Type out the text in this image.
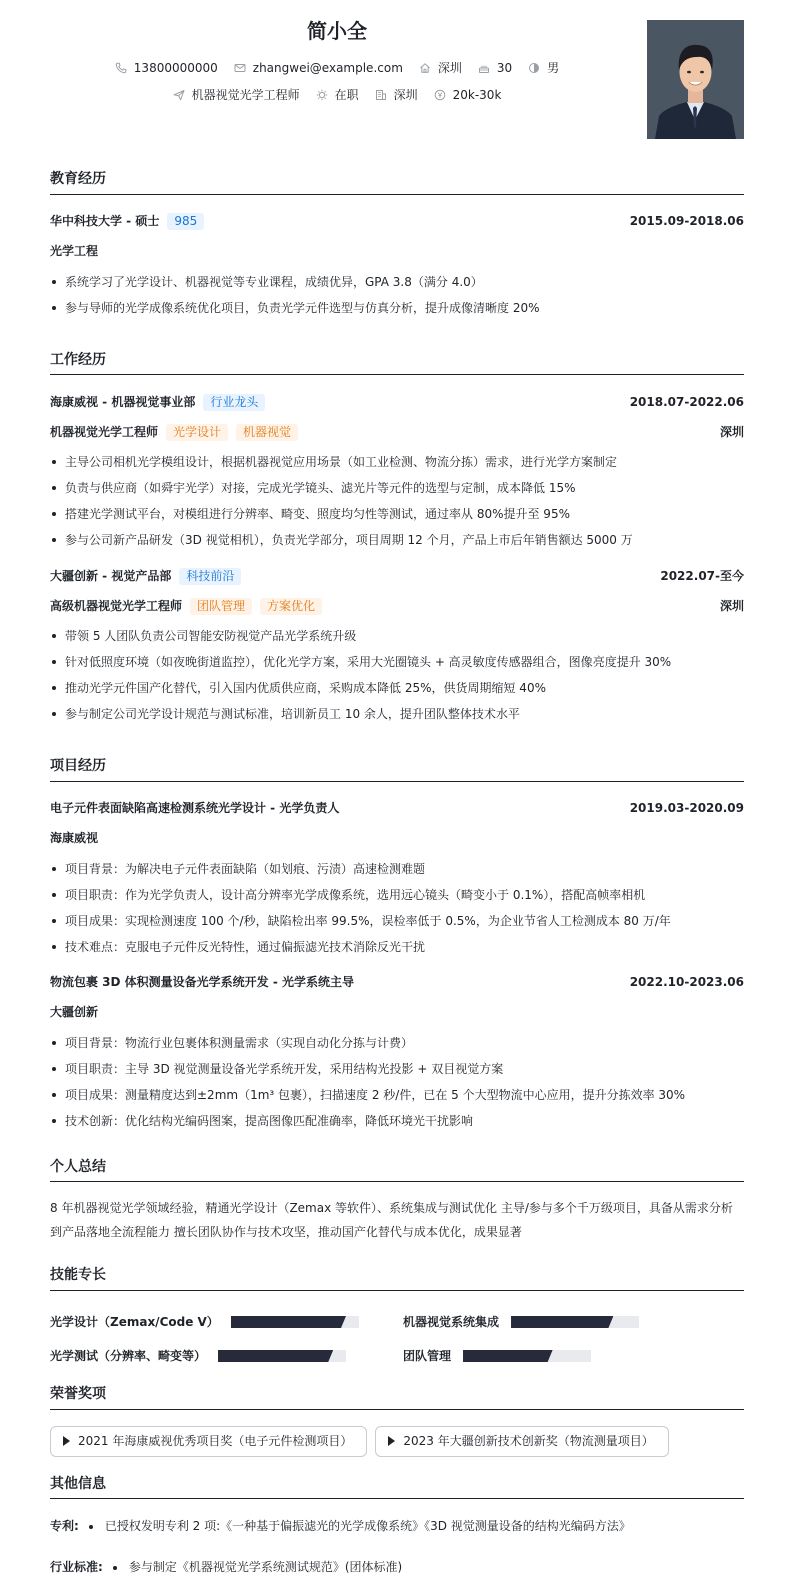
简小全
13800000000	zhangwei@example.com	深圳	30	男
机器视觉光学工程师	在职	深圳	20k-30k
教育经历
华中科技大学 - 硕士	985	2015.09-2018.06
光学工程
系统学习了光学设计、机器视觉等专业课程，成绩优异，GPA 3.8（满分 4.0）
参与导师的光学成像系统优化项目，负责光学元件选型与仿真分析，提升成像清晰度 20%
工作经历
海康威视 - 机器视觉事业部	行业龙头	2018.07-2022.06
机器视觉光学工程师	光学设计	机器视觉	深圳
主导公司相机光学模组设计，根据机器视觉应用场景（如工业检测、物流分拣）需求，进行光学方案制定
负责与供应商（如舜宇光学）对接，完成光学镜头、滤光片等元件的选型与定制，成本降低 15%
搭建光学测试平台，对模组进行分辨率、畸变、照度均匀性等测试，通过率从 80%提升至 95%
参与公司新产品研发（3D 视觉相机），负责光学部分，项目周期 12 个月，产品上市后年销售额达 5000 万
大疆创新 - 视觉产品部	科技前沿	2022.07-至今
高级机器视觉光学工程师	团队管理	方案优化	深圳
带领 5 人团队负责公司智能安防视觉产品光学系统升级
针对低照度环境（如夜晚街道监控），优化光学方案，采用大光圈镜头 + 高灵敏度传感器组合，图像亮度提升 30%
推动光学元件国产化替代，引入国内优质供应商，采购成本降低 25%，供货周期缩短 40%
参与制定公司光学设计规范与测试标准，培训新员工 10 余人，提升团队整体技术水平
项目经历
电子元件表面缺陷高速检测系统光学设计 - 光学负责人	2019.03-2020.09
海康威视
项目背景：为解决电子元件表面缺陷（如划痕、污渍）高速检测难题
项目职责：作为光学负责人，设计高分辨率光学成像系统，选用远心镜头（畸变小于 0.1%），搭配高帧率相机
项目成果：实现检测速度 100 个/秒，缺陷检出率 99.5%，误检率低于 0.5%，为企业节省人工检测成本 80 万/年
技术难点：克服电子元件反光特性，通过偏振滤光技术消除反光干扰
物流包裹 3D 体积测量设备光学系统开发 - 光学系统主导	2022.10-2023.06
大疆创新
项目背景：物流行业包裹体积测量需求（实现自动化分拣与计费）
项目职责：主导 3D 视觉测量设备光学系统开发，采用结构光投影 + 双目视觉方案
项目成果：测量精度达到±2mm（1m³ 包裹），扫描速度 2 秒/件，已在 5 个大型物流中心应用，提升分拣效率 30%
技术创新：优化结构光编码图案，提高图像匹配准确率，降低环境光干扰影响
个人总结
8 年机器视觉光学领域经验，精通光学设计（Zemax 等软件）、系统集成与测试优化 主导/参与多个千万级项目，具备从需求分析到产品落地全流程能力 擅长团队协作与技术攻坚，推动国产化替代与成本优化，成果显著
技能专长
光学设计（Zemax/Code V）	机器视觉系统集成
光学测试（分辨率、畸变等）	团队管理
荣誉奖项
2021 年海康威视优秀项目奖（电子元件检测项目）	2023 年大疆创新技术创新奖（物流测量项目）
其他信息
专利: 已授权发明专利 2 项:《一种基于偏振滤光的光学成像系统》《3D 视觉测量设备的结构光编码方法》
行业标准: 参与制定《机器视觉光学系统测试规范》(团体标准)
